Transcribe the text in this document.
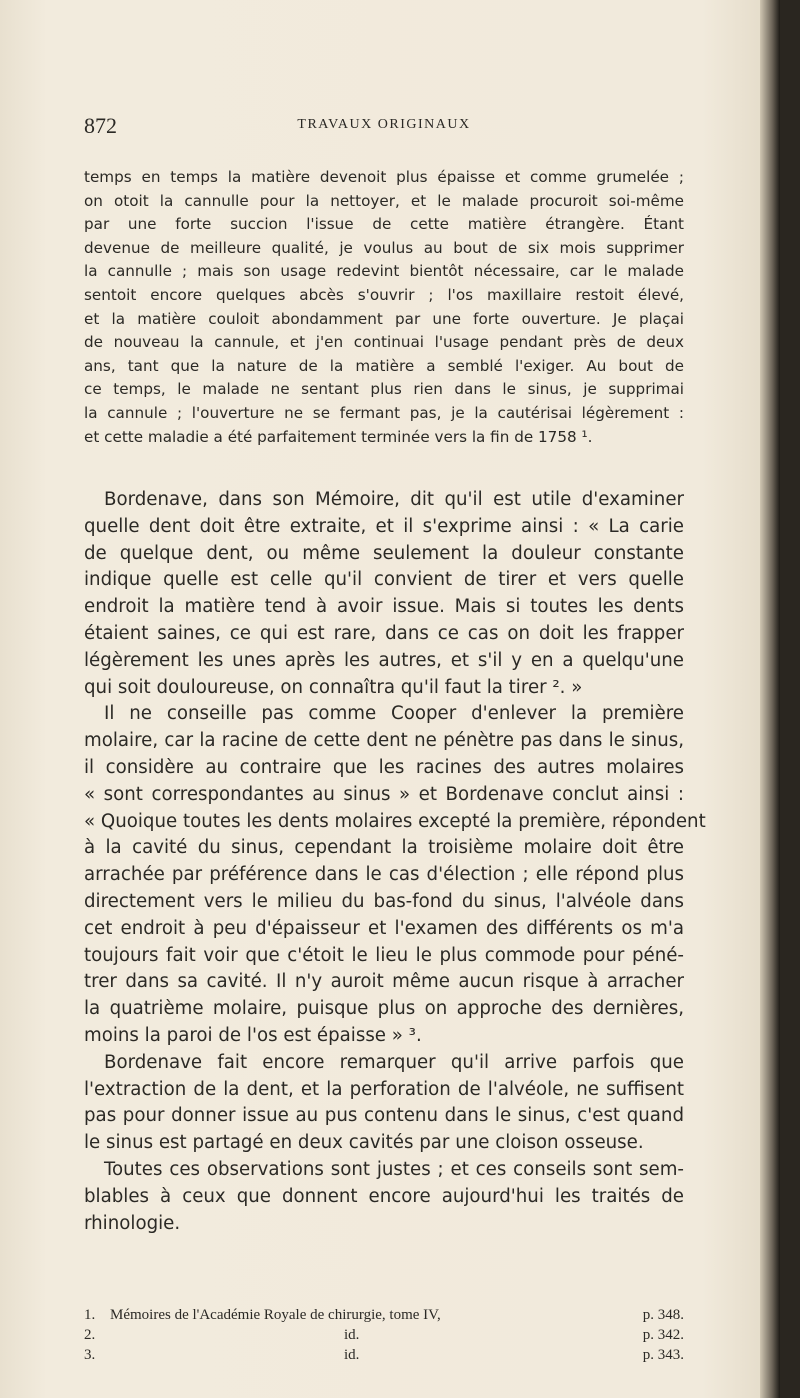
872	TRAVAUX ORIGINAUX
temps en temps la matière devenoit plus épaisse et comme grumelée ;
on otoit la cannulle pour la nettoyer, et le malade procuroit soi-même
par une forte succion l'issue de cette matière étrangère. Étant
devenue de meilleure qualité, je voulus au bout de six mois supprimer
la cannulle ; mais son usage redevint bientôt nécessaire, car le malade
sentoit encore quelques abcès s'ouvrir ; l'os maxillaire restoit élevé,
et la matière couloit abondamment par une forte ouverture. Je plaçai
de nouveau la cannule, et j'en continuai l'usage pendant près de deux
ans, tant que la nature de la matière a semblé l'exiger. Au bout de
ce temps, le malade ne sentant plus rien dans le sinus, je supprimai
la cannule ; l'ouverture ne se fermant pas, je la cautérisai légèrement :
et cette maladie a été parfaitement terminée vers la fin de 1758 ¹.
Bordenave, dans son Mémoire, dit qu'il est utile d'examiner
quelle dent doit être extraite, et il s'exprime ainsi : « La carie
de quelque dent, ou même seulement la douleur constante
indique quelle est celle qu'il convient de tirer et vers quelle
endroit la matière tend à avoir issue. Mais si toutes les dents
étaient saines, ce qui est rare, dans ce cas on doit les frapper
légèrement les unes après les autres, et s'il y en a quelqu'une
qui soit douloureuse, on connaîtra qu'il faut la tirer ². »
Il ne conseille pas comme Cooper d'enlever la première
molaire, car la racine de cette dent ne pénètre pas dans le sinus,
il considère au contraire que les racines des autres molaires
« sont correspondantes au sinus » et Bordenave conclut ainsi :
« Quoique toutes les dents molaires excepté la première, répondent
à la cavité du sinus, cependant la troisième molaire doit être
arrachée par préférence dans le cas d'élection ; elle répond plus
directement vers le milieu du bas-fond du sinus, l'alvéole dans
cet endroit à peu d'épaisseur et l'examen des différents os m'a
toujours fait voir que c'étoit le lieu le plus commode pour péné-
trer dans sa cavité. Il n'y auroit même aucun risque à arracher
la quatrième molaire, puisque plus on approche des dernières,
moins la paroi de l'os est épaisse » ³.
Bordenave fait encore remarquer qu'il arrive parfois que
l'extraction de la dent, et la perforation de l'alvéole, ne suffisent
pas pour donner issue au pus contenu dans le sinus, c'est quand
le sinus est partagé en deux cavités par une cloison osseuse.
Toutes ces observations sont justes ; et ces conseils sont sem-
blables à ceux que donnent encore aujourd'hui les traités de
rhinologie.
1. Mémoires de l'Académie Royale de chirurgie, tome IV,	p. 348.
2.	id.	p. 342.
3.	id.	p. 343.
